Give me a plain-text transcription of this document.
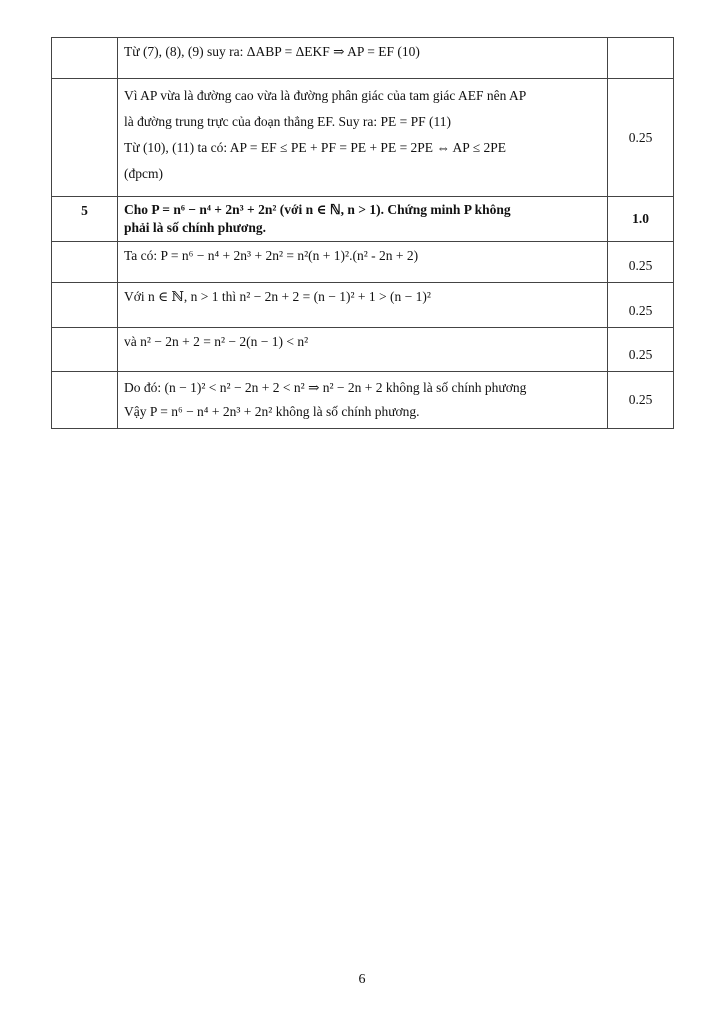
	Từ (7), (8), (9) suy ra: ΔABP = ΔEKF ⇒ AP = EF (10)	

	Vì AP vừa là đường cao vừa là đường phân giác của tam giác AEF nên AP
là đường trung trực của đoạn thẳng EF. Suy ra: PE = PF (11)
Từ (10), (11) ta có: AP = EF ≤ PE + PF = PE + PE = 2PE ⇔ AP ≤ 2PE
(đpcm)	0.25

5	Cho P = n⁶ − n⁴ + 2n³ + 2n² (với n ∈ ℕ, n > 1). Chứng minh P không
phải là số chính phương.	1.0

	Ta có: P = n⁶ − n⁴ + 2n³ + 2n² = n²(n + 1)².(n² - 2n + 2)	0.25

	Với n ∈ ℕ, n > 1 thì n² − 2n + 2 = (n − 1)² + 1 > (n − 1)²	0.25

	và n² − 2n + 2 = n² − 2(n − 1) < n²	0.25

	Do đó: (n − 1)² < n² − 2n + 2 < n² ⇒ n² − 2n + 2 không là số chính phương
Vậy P = n⁶ − n⁴ + 2n³ + 2n² không là số chính phương.	0.25
6
